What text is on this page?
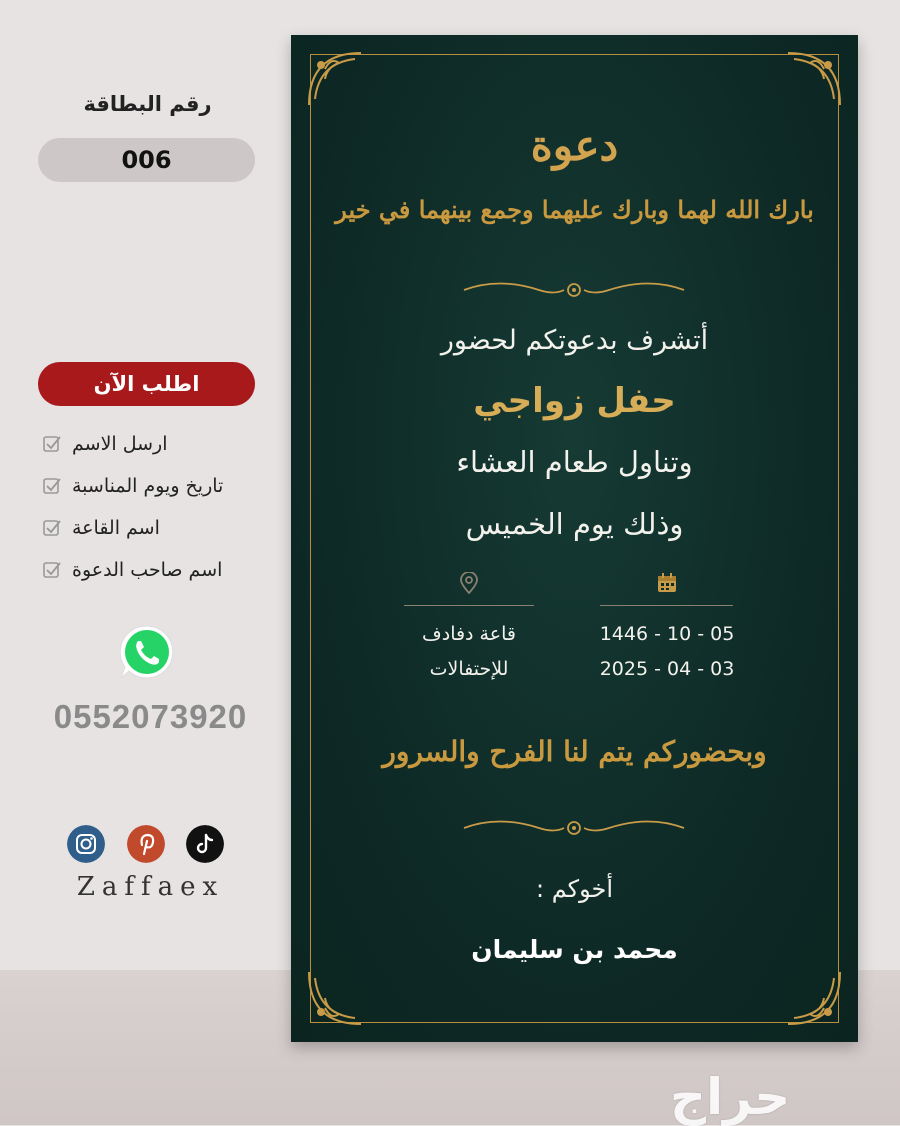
رقم البطاقة
006
اطلب الآن
ارسل الاسم
تاريخ ويوم المناسبة
اسم القاعة
اسم صاحب الدعوة
0552073920
Zaffaex
دعوة
بارك الله لهما وبارك عليهما وجمع بينهما في خير
أتشرف بدعوتكم لحضور
حفل زواجي
وتناول طعام العشاء
وذلك يوم الخميس
1446 - 10 - 05
2025 - 04 - 03
قاعة دفادف
للإحتفالات
وبحضوركم يتم لنا الفرح والسرور
أخوكم :
محمد بن سليمان
حراج
